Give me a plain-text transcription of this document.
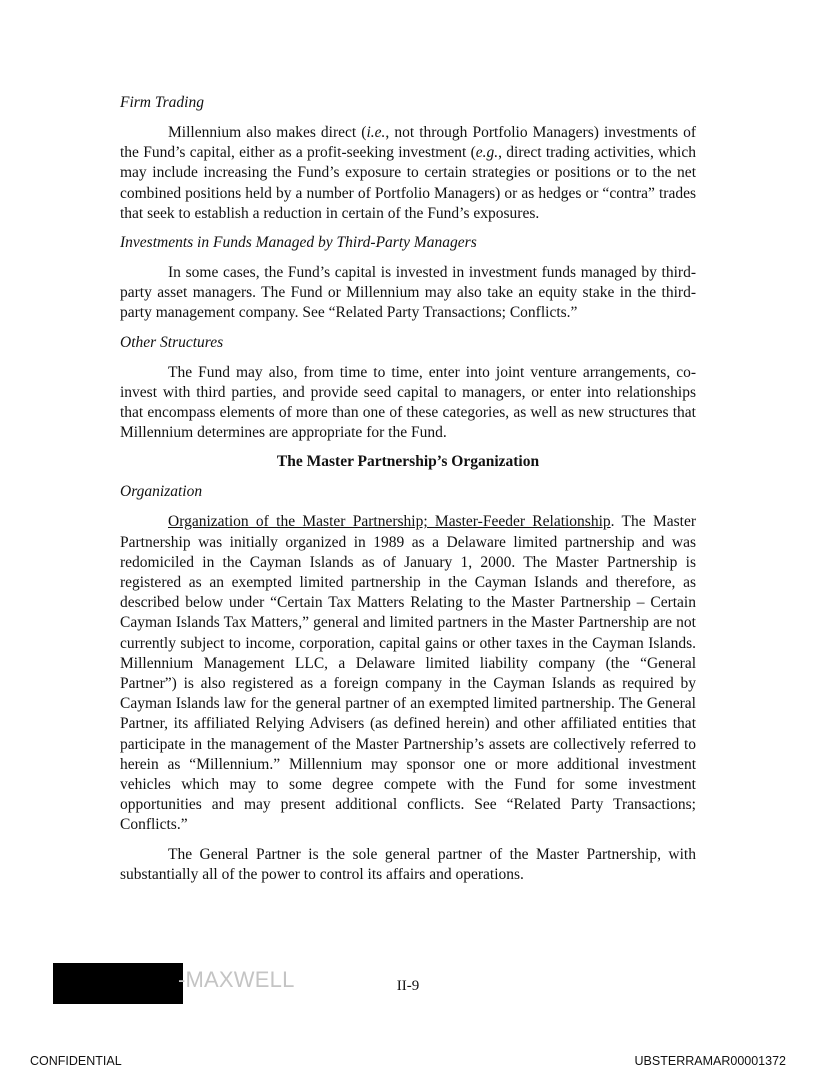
Firm Trading

Millennium also makes direct (i.e., not through Portfolio Managers) investments of the Fund’s capital, either as a profit-seeking investment (e.g., direct trading activities, which may include increasing the Fund’s exposure to certain strategies or positions or to the net combined positions held by a number of Portfolio Managers) or as hedges or “contra” trades that seek to establish a reduction in certain of the Fund’s exposures.

Investments in Funds Managed by Third-Party Managers

In some cases, the Fund’s capital is invested in investment funds managed by third-party asset managers. The Fund or Millennium may also take an equity stake in the third-party management company. See “Related Party Transactions; Conflicts.”

Other Structures

The Fund may also, from time to time, enter into joint venture arrangements, co-invest with third parties, and provide seed capital to managers, or enter into relationships that encompass elements of more than one of these categories, as well as new structures that Millennium determines are appropriate for the Fund.

The Master Partnership’s Organization

Organization

Organization of the Master Partnership; Master-Feeder Relationship. The Master Partnership was initially organized in 1989 as a Delaware limited partnership and was redomiciled in the Cayman Islands as of January 1, 2000. The Master Partnership is registered as an exempted limited partnership in the Cayman Islands and therefore, as described below under “Certain Tax Matters Relating to the Master Partnership – Certain Cayman Islands Tax Matters,” general and limited partners in the Master Partnership are not currently subject to income, corporation, capital gains or other taxes in the Cayman Islands. Millennium Management LLC, a Delaware limited liability company (the “General Partner”) is also registered as a foreign company in the Cayman Islands as required by Cayman Islands law for the general partner of an exempted limited partnership. The General Partner, its affiliated Relying Advisers (as defined herein) and other affiliated entities that participate in the management of the Master Partnership’s assets are collectively referred to herein as “Millennium.” Millennium may sponsor one or more additional investment vehicles which may to some degree compete with the Fund for some investment opportunities and may present additional conflicts. See “Related Party Transactions; Conflicts.”

The General Partner is the sole general partner of the Master Partnership, with substantially all of the power to control its affairs and operations.

-MAXWELL	II-9
CONFIDENTIAL	UBSTERRAMAR00001372
